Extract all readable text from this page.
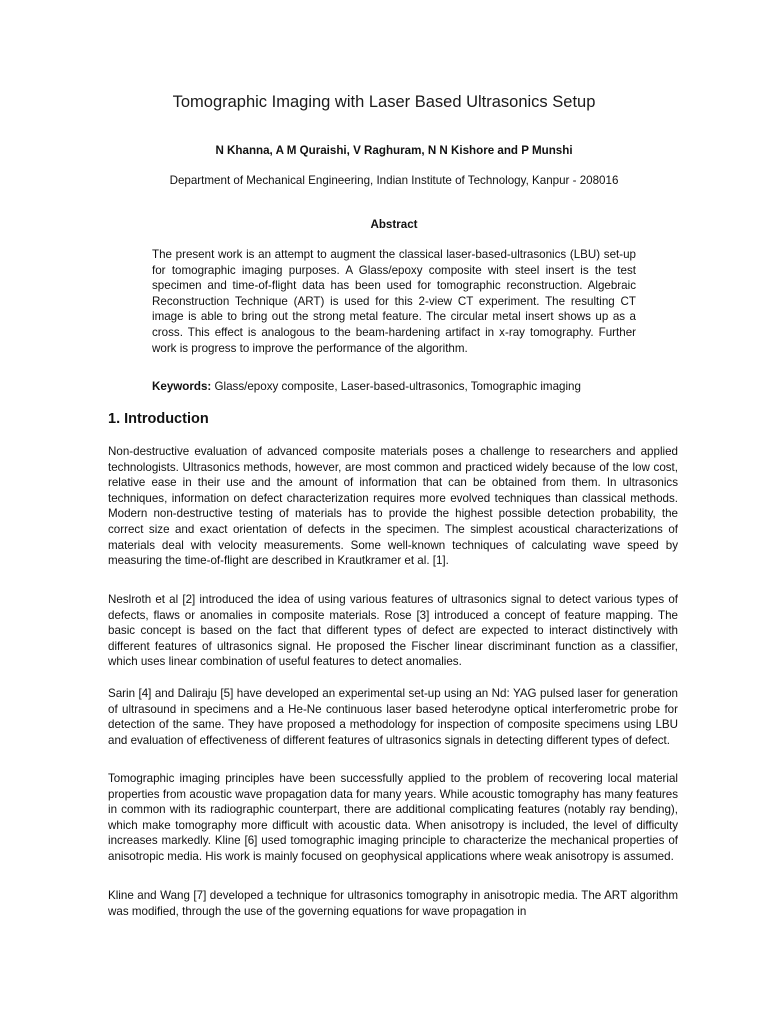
Tomographic Imaging with Laser Based Ultrasonics Setup
N Khanna, A M Quraishi, V Raghuram, N N Kishore and P Munshi
Department of Mechanical Engineering, Indian Institute of Technology, Kanpur - 208016
Abstract
The present work is an attempt to augment the classical laser-based-ultrasonics (LBU) set-up for tomographic imaging purposes. A Glass/epoxy composite with steel insert is the test specimen and time-of-flight data has been used for tomographic reconstruction. Algebraic Reconstruction Technique (ART) is used for this 2-view CT experiment. The resulting CT image is able to bring out the strong metal feature. The circular metal insert shows up as a cross. This effect is analogous to the beam-hardening artifact in x-ray tomography. Further work is progress to improve the performance of the algorithm.
Keywords: Glass/epoxy composite, Laser-based-ultrasonics, Tomographic imaging
1. Introduction
Non-destructive evaluation of advanced composite materials poses a challenge to researchers and applied technologists. Ultrasonics methods, however, are most common and practiced widely because of the low cost, relative ease in their use and the amount of information that can be obtained from them. In ultrasonics techniques, information on defect characterization requires more evolved techniques than classical methods. Modern non-destructive testing of materials has to provide the highest possible detection probability, the correct size and exact orientation of defects in the specimen. The simplest acoustical characterizations of materials deal with velocity measurements. Some well-known techniques of calculating wave speed by measuring the time-of-flight are described in Krautkramer et al. [1].
Neslroth et al [2] introduced the idea of using various features of ultrasonics signal to detect various types of defects, flaws or anomalies in composite materials. Rose [3] introduced a concept of feature mapping. The basic concept is based on the fact that different types of defect are expected to interact distinctively with different features of ultrasonics signal. He proposed the Fischer linear discriminant function as a classifier, which uses linear combination of useful features to detect anomalies.
Sarin [4] and Daliraju [5] have developed an experimental set-up using an Nd: YAG pulsed laser for generation of ultrasound in specimens and a He-Ne continuous laser based heterodyne optical interferometric probe for detection of the same. They have proposed a methodology for inspection of composite specimens using LBU and evaluation of effectiveness of different features of ultrasonics signals in detecting different types of defect.
Tomographic imaging principles have been successfully applied to the problem of recovering local material properties from acoustic wave propagation data for many years. While acoustic tomography has many features in common with its radiographic counterpart, there are additional complicating features (notably ray bending), which make tomography more difficult with acoustic data. When anisotropy is included, the level of difficulty increases markedly. Kline [6] used tomographic imaging principle to characterize the mechanical properties of anisotropic media. His work is mainly focused on geophysical applications where weak anisotropy is assumed.
Kline and Wang [7] developed a technique for ultrasonics tomography in anisotropic media. The ART algorithm was modified, through the use of the governing equations for wave propagation in
